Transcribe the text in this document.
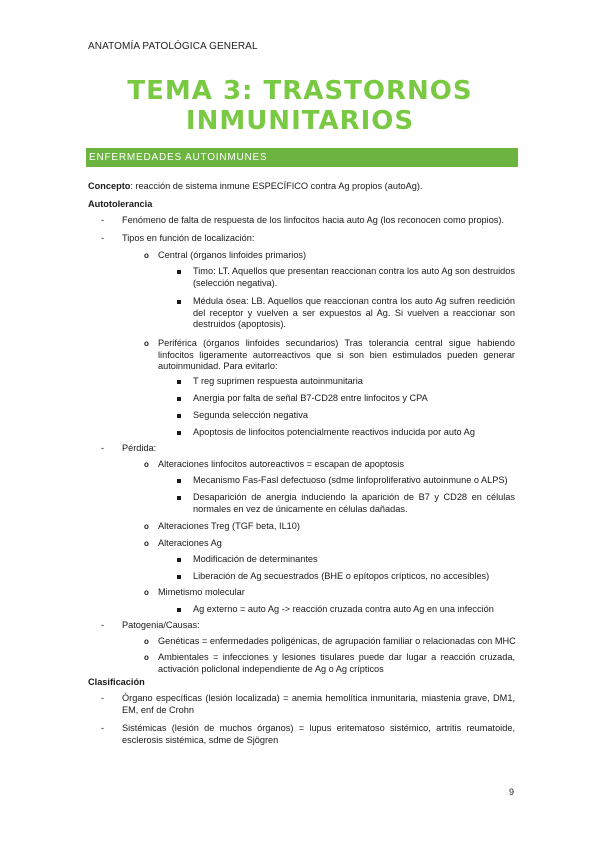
ANATOMÍA PATOLÓGICA GENERAL
TEMA 3: TRASTORNOS
INMUNITARIOS
ENFERMEDADES AUTOINMUNES
Concepto: reacción de sistema inmune ESPECÍFICO contra Ag propios (autoAg).
Autotolerancia
- Fenómeno de falta de respuesta de los linfocitos hacia auto Ag (los reconocen como propios).
- Tipos en función de localización:
o Central (órganos linfoides primarios)
Timo: LT. Aquellos que presentan reaccionan contra los auto Ag son destruidos (selección negativa).
Médula ósea: LB. Aquellos que reaccionan contra los auto Ag sufren reedición del receptor y vuelven a ser expuestos al Ag. Si vuelven a reaccionar son destruidos (apoptosis).
o Periférica (órganos linfoides secundarios) Tras tolerancia central sigue habiendo linfocitos ligeramente autorreactivos que si son bien estimulados pueden generar autoinmunidad. Para evitarlo:
T reg suprimen respuesta autoinmunitaria
Anergia por falta de señal B7-CD28 entre linfocitos y CPA
Segunda selección negativa
Apoptosis de linfocitos potencialmente reactivos inducida por auto Ag
- Pérdida:
o Alteraciones linfocitos autoreactivos = escapan de apoptosis
Mecanismo Fas-Fasl defectuoso (sdme linfoproliferativo autoinmune o ALPS)
Desaparición de anergia induciendo la aparición de B7 y CD28 en células normales en vez de únicamente en células dañadas.
o Alteraciones Treg (TGF beta, IL10)
o Alteraciones Ag
Modificación de determinantes
Liberación de Ag secuestrados (BHE o epítopos crípticos, no accesibles)
o Mimetismo molecular
Ag externo = auto Ag -> reacción cruzada contra auto Ag en una infección
- Patogenia/Causas:
o Genéticas = enfermedades poligénicas, de agrupación familiar o relacionadas con MHC
o Ambientales = infecciones y lesiones tisulares puede dar lugar a reacción cruzada, activación policlonal independiente de Ag o Ag crípticos
Clasificación
- Órgano específicas (lesión localizada) = anemia hemolítica inmunitaria, miastenia grave, DM1, EM, enf de Crohn
- Sistémicas (lesión de muchos órganos) = lupus eritematoso sistémico, artritis reumatoide, esclerosis sistémica, sdme de Sjögren
9
